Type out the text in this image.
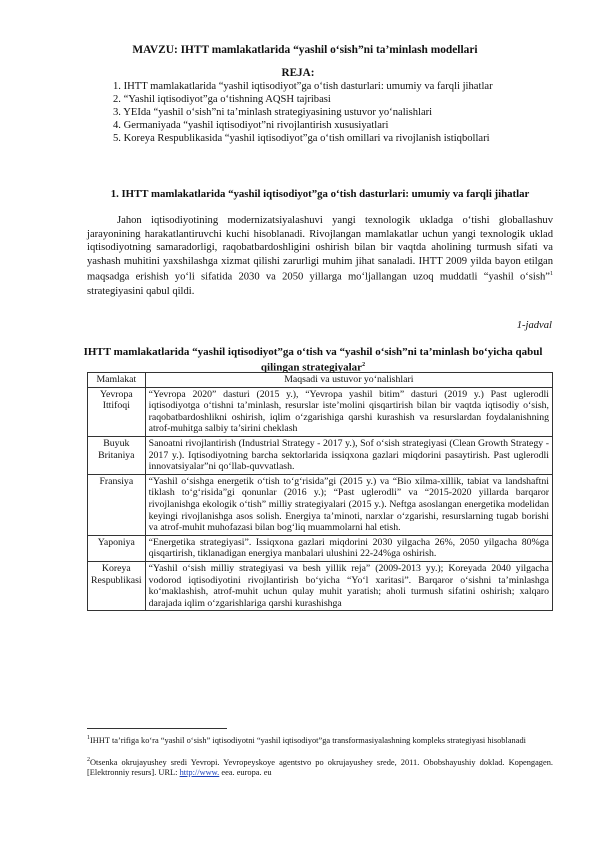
MAVZU: IHTT mamlakatlarida “yashil o‘sish”ni ta’minlash modellari
REJA:
1. IHTT mamlakatlarida “yashil iqtisodiyot”ga o‘tish dasturlari: umumiy va farqli jihatlar
2. “Yashil iqtisodiyot”ga o‘tishning AQSH tajribasi
3. YEIda “yashil o‘sish”ni ta’minlash strategiyasining ustuvor yo‘nalishlari
4. Germaniyada “yashil iqtisodiyot”ni rivojlantirish xususiyatlari
5. Koreya Respublikasida “yashil iqtisodiyot”ga o‘tish omillari va rivojlanish istiqbollari
1. IHTT mamlakatlarida “yashil iqtisodiyot”ga o‘tish dasturlari: umumiy va farqli jihatlar
Jahon iqtisodiyotining modernizatsiyalashuvi yangi texnologik ukladga o‘tishi globallashuv jarayonining harakatlantiruvchi kuchi hisoblanadi. Rivojlangan mamlakatlar uchun yangi texnologik uklad iqtisodiyotning samaradorligi, raqobatbardoshligini oshirish bilan bir vaqtda aholining turmush sifati va yashash muhitini yaxshilashga xizmat qilishi zarurligi muhim jihat sanaladi. IHTT 2009 yilda bayon etilgan maqsadga erishish yo‘li sifatida 2030 va 2050 yillarga mo‘ljallangan uzoq muddatli “yashil o‘sish”$^1$ strategiyasini qabul qildi.
1-jadval
IHTT mamlakatlarida “yashil iqtisodiyot”ga o‘tish va “yashil o‘sish”ni ta’minlash bo‘yicha qabul qilingan strategiyalar$^2$
Mamlakat	Maqsadi va ustuvor yo‘nalishlari
Yevropa Ittifoqi	“Yevropa 2020” dasturi (2015 y.), “Yevropa yashil bitim” dasturi (2019 y.) Past uglerodli iqtisodiyotga o‘tishni ta’minlash, resurslar iste’molini qisqartirish bilan bir vaqtda iqtisodiy o‘sish, raqobatbardoshlikni oshirish, iqlim o‘zgarishiga qarshi kurashish va resurslardan foydalanishning atrof-muhitga salbiy ta’sirini cheklash
Buyuk Britaniya	Sanoatni rivojlantirish (Industrial Strategy - 2017 y.), Sof o‘sish strategiyasi (Clean Growth Strategy - 2017 y.). Iqtisodiyotning barcha sektorlarida issiqxona gazlari miqdorini pasaytirish. Past uglerodli innovatsiyalar”ni qo‘llab-quvvatlash.
Fransiya	“Yashil o‘sishga energetik o‘tish to‘g‘risida”gi (2015 y.) va “Bio xilma-xillik, tabiat va landshaftni tiklash to‘g‘risida”gi qonunlar (2016 y.); “Past uglerodli” va “2015-2020 yillarda barqaror rivojlanishga ekologik o‘tish” milliy strategiyalari (2015 y.). Neftga asoslangan energetika modelidan keyingi rivojlanishga asos solish. Energiya ta’minoti, narxlar o‘zgarishi, resurslarning tugab borishi va atrof-muhit muhofazasi bilan bog‘liq muammolarni hal etish.
Yaponiya	“Energetika strategiyasi”. Issiqxona gazlari miqdorini 2030 yilgacha 26%, 2050 yilgacha 80%ga qisqartirish, tiklanadigan energiya manbalari ulushini 22-24%ga oshirish.
Koreya Respublikasi	“Yashil o‘sish milliy strategiyasi va besh yillik reja” (2009-2013 yy.); Koreyada 2040 yilgacha vodorod iqtisodiyotini rivojlantirish bo‘yicha “Yo‘l xaritasi”. Barqaror o‘sishni ta’minlashga ko‘maklashish, atrof-muhit uchun qulay muhit yaratish; aholi turmush sifatini oshirish; xalqaro darajada iqlim o‘zgarishlariga qarshi kurashishga
$^1$IHHT ta’rifiga ko‘ra “yashil o‘sish” iqtisodiyotni “yashil iqtisodiyot”ga transformasiyalashning kompleks strategiyasi hisoblanadi
$^2$Otsenka okrujayushey sredi Yevropi. Yevropeyskoye agentstvo po okrujayushey srede, 2011. Obobshayushiy doklad. Kopengagen. [Elektronniy resurs]. URL: http://www. eea. europa. eu
